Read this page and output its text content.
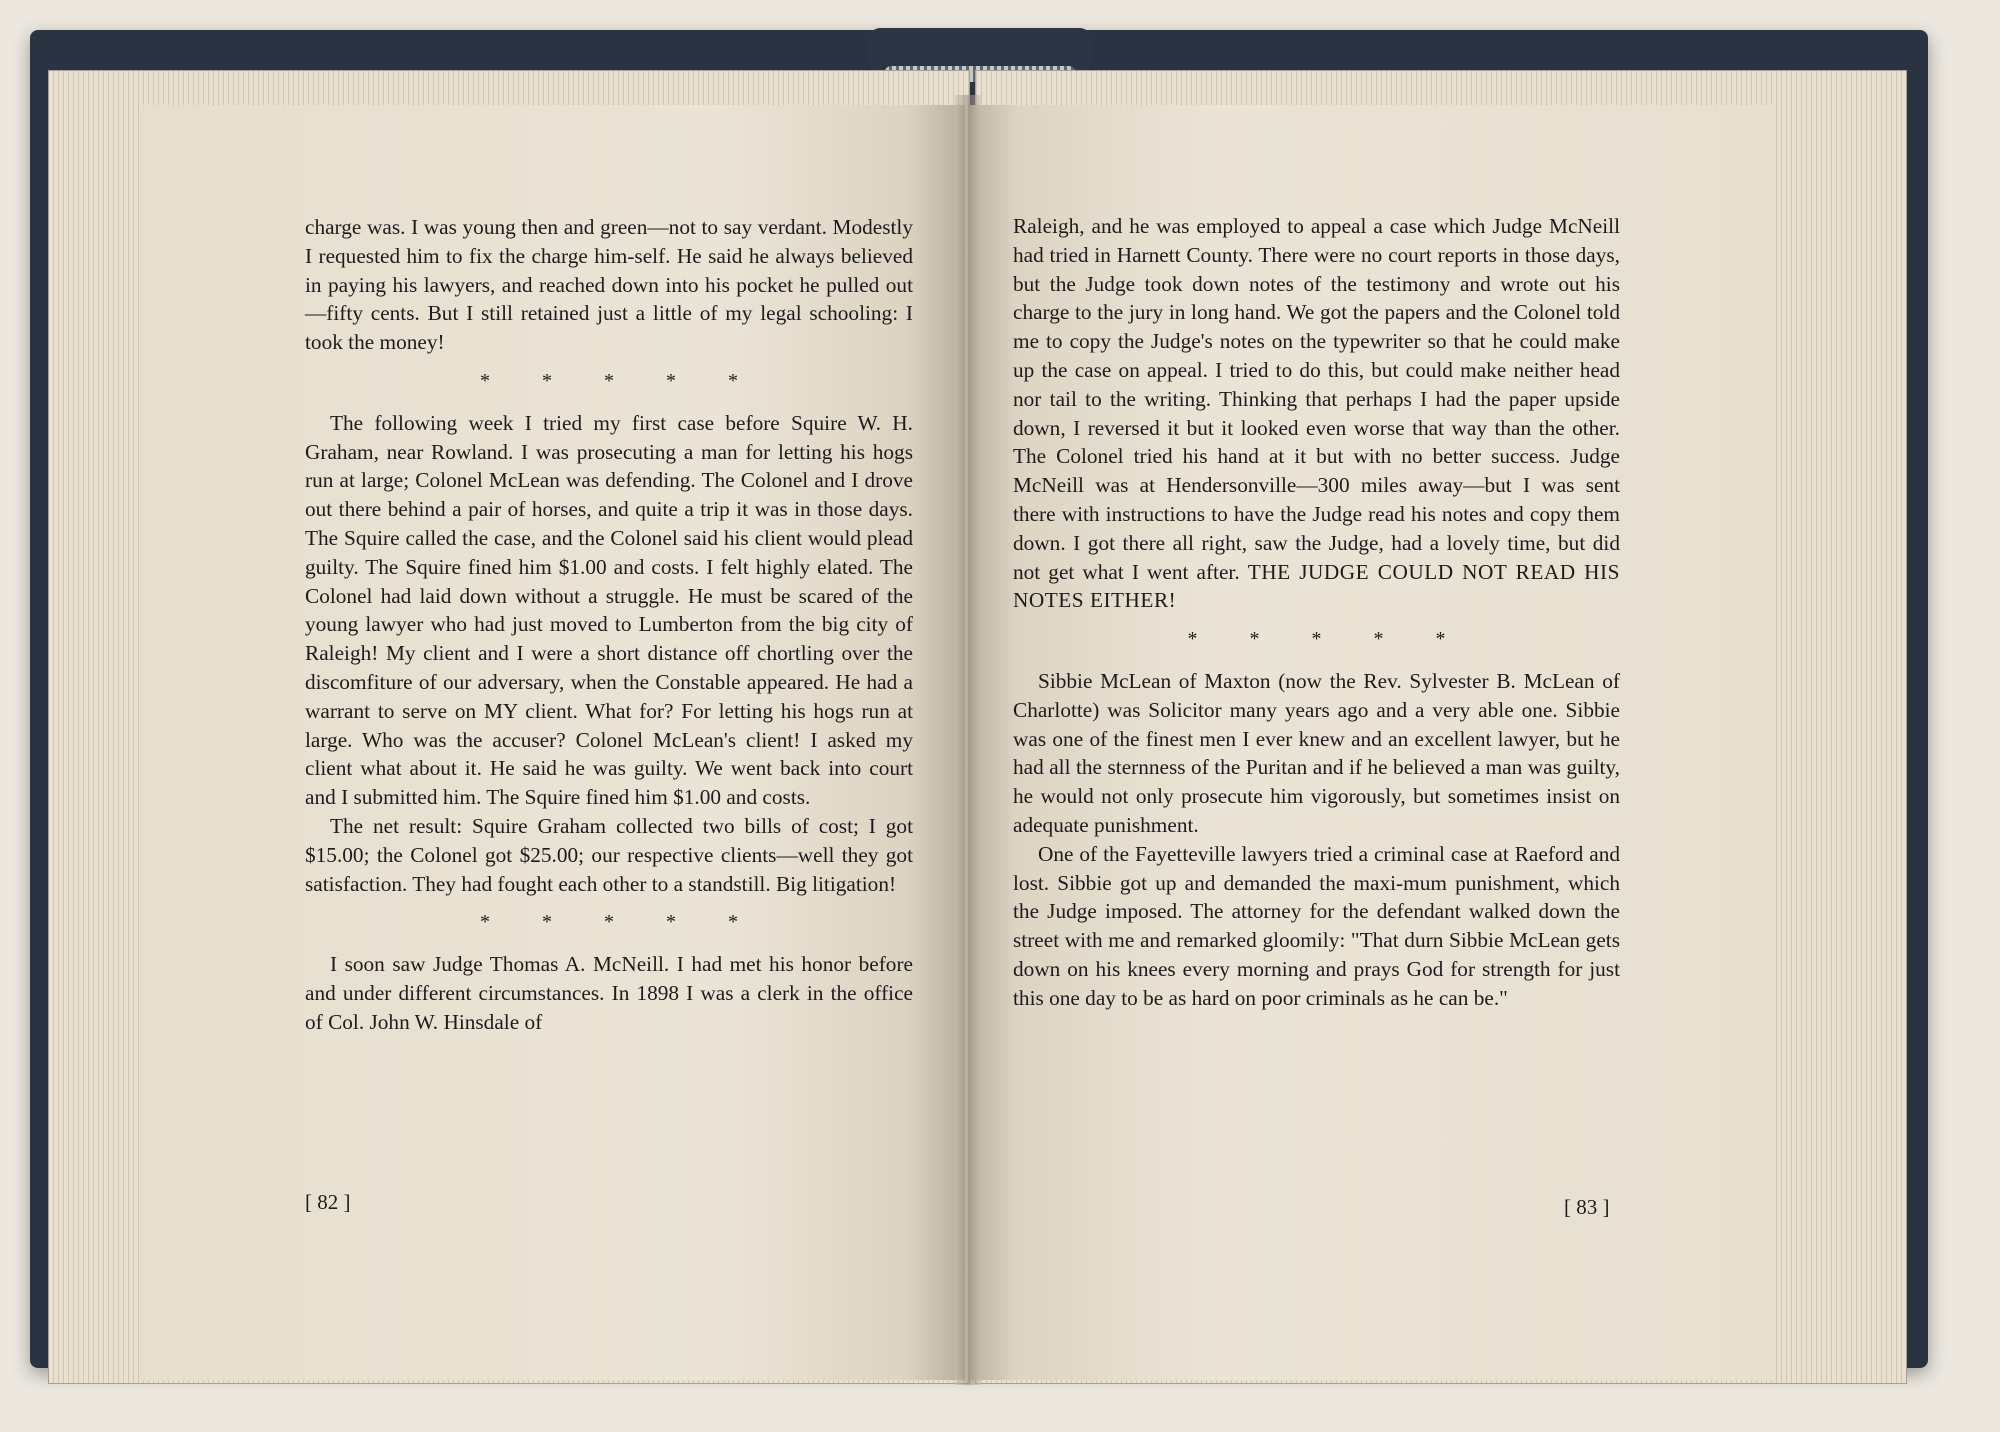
charge was. I was young then and green—not to say verdant. Modestly I requested him to fix the charge him-self. He said he always believed in paying his lawyers, and reached down into his pocket he pulled out—fifty cents. But I still retained just a little of my legal schooling: I took the money!

*	*	*	*	*

The following week I tried my first case before Squire W. H. Graham, near Rowland. I was prosecuting a man for letting his hogs run at large; Colonel McLean was defending. The Colonel and I drove out there behind a pair of horses, and quite a trip it was in those days. The Squire called the case, and the Colonel said his client would plead guilty. The Squire fined him $1.00 and costs. I felt highly elated. The Colonel had laid down without a struggle. He must be scared of the young lawyer who had just moved to Lumberton from the big city of Raleigh! My client and I were a short distance off chortling over the discomfiture of our adversary, when the Constable appeared. He had a warrant to serve on MY client. What for? For letting his hogs run at large. Who was the accuser? Colonel McLean's client! I asked my client what about it. He said he was guilty. We went back into court and I submitted him. The Squire fined him $1.00 and costs.

The net result: Squire Graham collected two bills of cost; I got $15.00; the Colonel got $25.00; our respective clients—well they got satisfaction. They had fought each other to a standstill. Big litigation!

*	*	*	*	*

I soon saw Judge Thomas A. McNeill. I had met his honor before and under different circumstances. In 1898 I was a clerk in the office of Col. John W. Hinsdale of

[ 82 ]

Raleigh, and he was employed to appeal a case which Judge McNeill had tried in Harnett County. There were no court reports in those days, but the Judge took down notes of the testimony and wrote out his charge to the jury in long hand. We got the papers and the Colonel told me to copy the Judge's notes on the typewriter so that he could make up the case on appeal. I tried to do this, but could make neither head nor tail to the writing. Thinking that perhaps I had the paper upside down, I reversed it but it looked even worse that way than the other. The Colonel tried his hand at it but with no better success. Judge McNeill was at Hendersonville—300 miles away—but I was sent there with instructions to have the Judge read his notes and copy them down. I got there all right, saw the Judge, had a lovely time, but did not get what I went after. THE JUDGE COULD NOT READ HIS NOTES EITHER!

*	*	*	*	*

Sibbie McLean of Maxton (now the Rev. Sylvester B. McLean of Charlotte) was Solicitor many years ago and a very able one. Sibbie was one of the finest men I ever knew and an excellent lawyer, but he had all the sternness of the Puritan and if he believed a man was guilty, he would not only prosecute him vigorously, but sometimes insist on adequate punishment.

One of the Fayetteville lawyers tried a criminal case at Raeford and lost. Sibbie got up and demanded the maxi-mum punishment, which the Judge imposed. The attorney for the defendant walked down the street with me and remarked gloomily: "That durn Sibbie McLean gets down on his knees every morning and prays God for strength for just this one day to be as hard on poor criminals as he can be."

[ 83 ]
